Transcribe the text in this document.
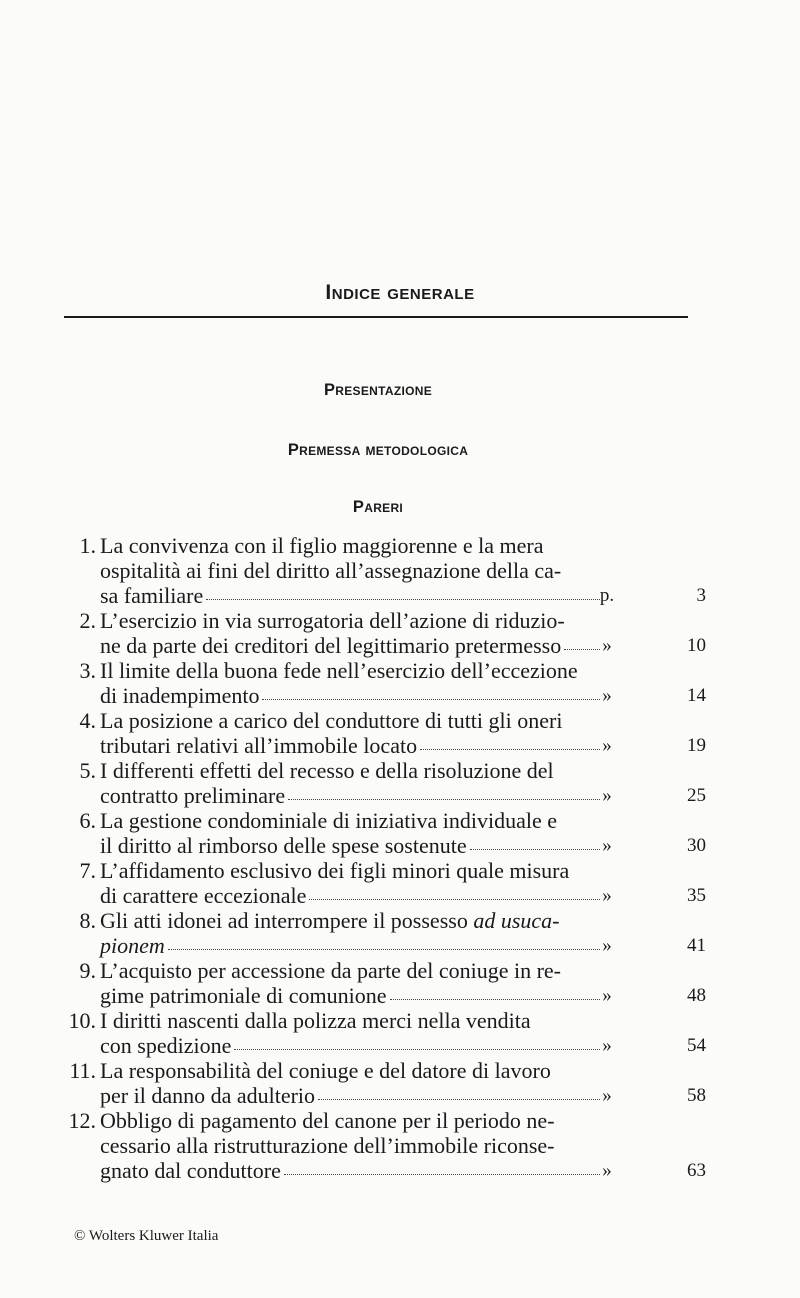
Indice generale
Presentazione
Premessa metodologica
Pareri
1. La convivenza con il figlio maggiorenne e la mera
ospitalità ai fini del diritto all’assegnazione della ca-
sa familiare	p.	3
2. L’esercizio in via surrogatoria dell’azione di riduzio-
ne da parte dei creditori del legittimario pretermesso	»	10
3. Il limite della buona fede nell’esercizio dell’eccezione
di inadempimento	»	14
4. La posizione a carico del conduttore di tutti gli oneri
tributari relativi all’immobile locato	»	19
5. I differenti effetti del recesso e della risoluzione del
contratto preliminare	»	25
6. La gestione condominiale di iniziativa individuale e
il diritto al rimborso delle spese sostenute	»	30
7. L’affidamento esclusivo dei figli minori quale misura
di carattere eccezionale	»	35
8. Gli atti idonei ad interrompere il possesso ad usuca-
pionem	»	41
9. L’acquisto per accessione da parte del coniuge in re-
gime patrimoniale di comunione	»	48
10. I diritti nascenti dalla polizza merci nella vendita
con spedizione	»	54
11. La responsabilità del coniuge e del datore di lavoro
per il danno da adulterio	»	58
12. Obbligo di pagamento del canone per il periodo ne-
cessario alla ristrutturazione dell’immobile riconse-
gnato dal conduttore	»	63
© Wolters Kluwer Italia
